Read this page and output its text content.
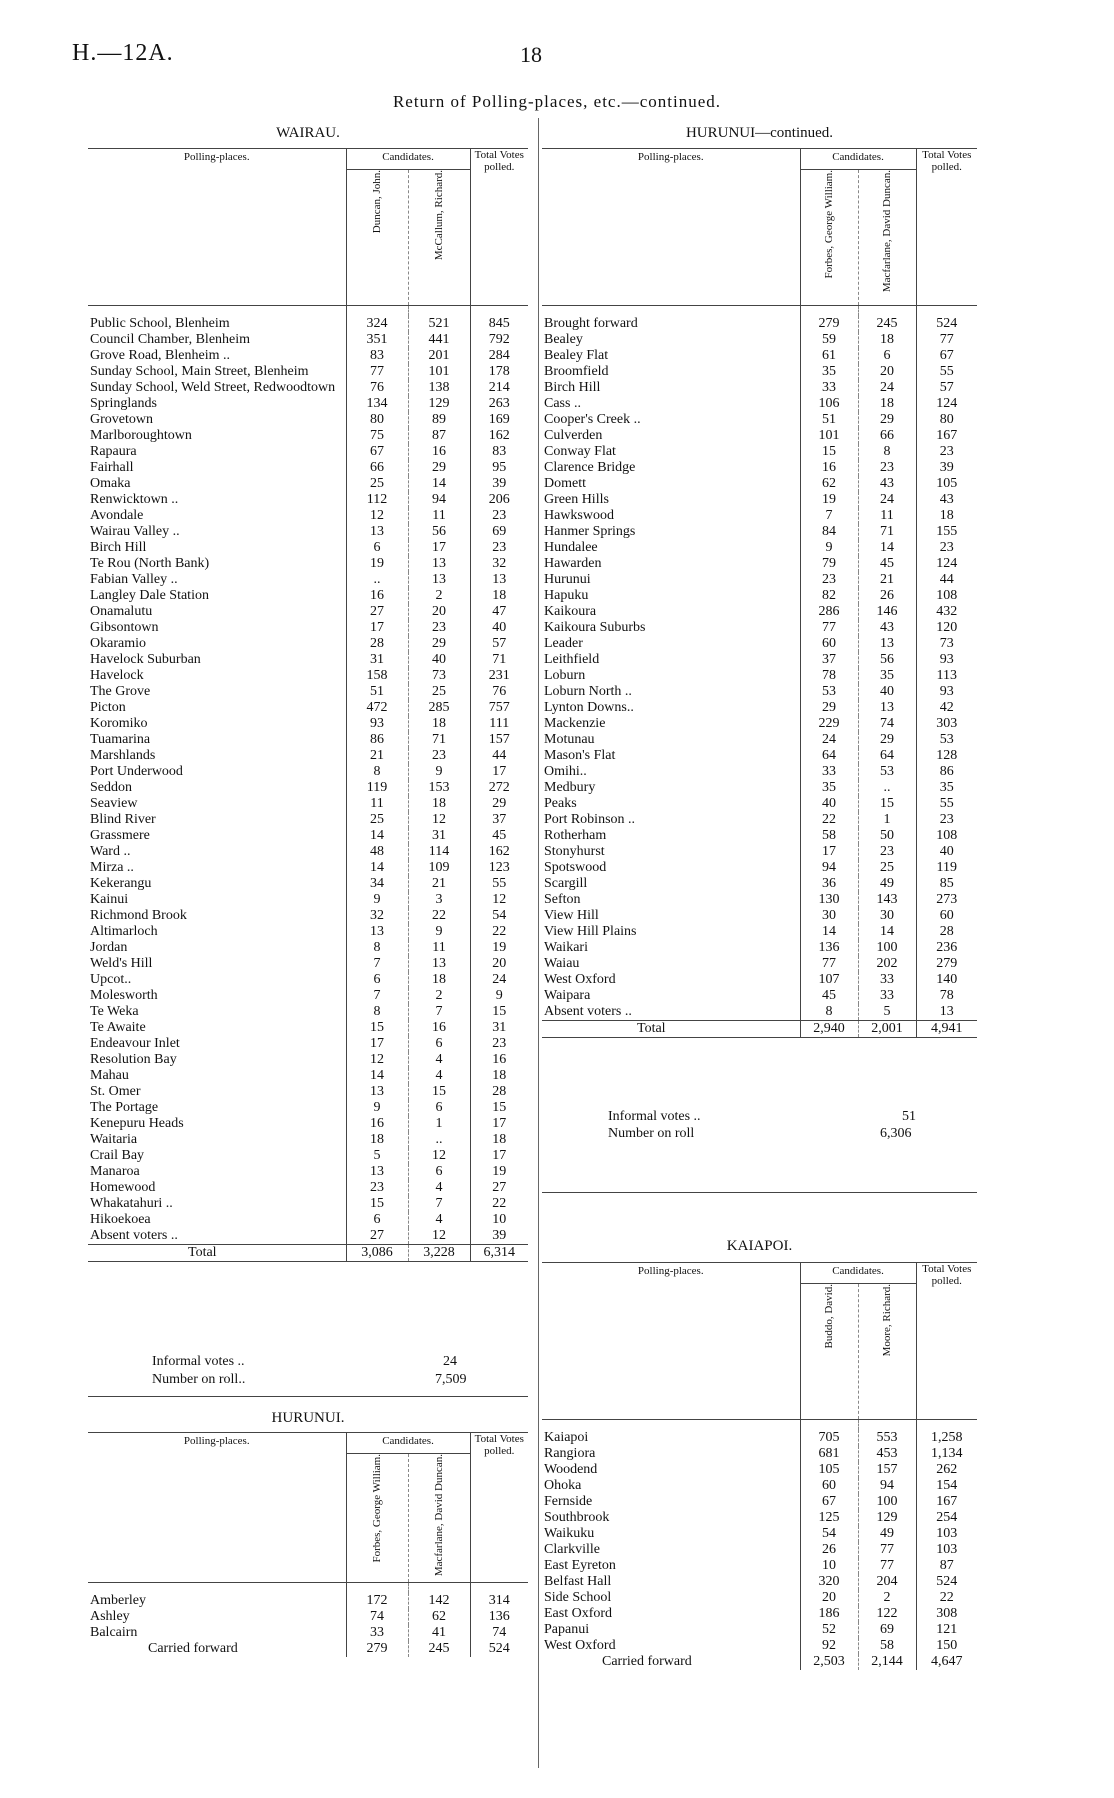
H.—12A.	18
Return of Polling-places, etc.—continued.
WAIRAU.
Polling-places.	Candidates.		Total Votes polled.
	Duncan, John.	McCallum, Richard.	

Public School, Blenheim	324	521	845
Council Chamber, Blenheim	351	441	792
Grove Road, Blenheim ..	83	201	284
Sunday School, Main Street, Blenheim	77	101	178
Sunday School, Weld Street, Redwoodtown	76	138	214
Springlands	134	129	263
Grovetown	80	89	169
Marlboroughtown	75	87	162
Rapaura	67	16	83
Fairhall	66	29	95
Omaka	25	14	39
Renwicktown ..	112	94	206
Avondale	12	11	23
Wairau Valley ..	13	56	69
Birch Hill	6	17	23
Te Rou (North Bank)	19	13	32
Fabian Valley ..	..	13	13
Langley Dale Station	16	2	18
Onamalutu	27	20	47
Gibsontown	17	23	40
Okaramio	28	29	57
Havelock Suburban	31	40	71
Havelock	158	73	231
The Grove	51	25	76
Picton	472	285	757
Koromiko	93	18	111
Tuamarina	86	71	157
Marshlands	21	23	44
Port Underwood	8	9	17
Seddon	119	153	272
Seaview	11	18	29
Blind River	25	12	37
Grassmere	14	31	45
Ward ..	48	114	162
Mirza ..	14	109	123
Kekerangu	34	21	55
Kainui	9	3	12
Richmond Brook	32	22	54
Altimarloch	13	9	22
Jordan	8	11	19
Weld's Hill	7	13	20
Upcot..	6	18	24
Molesworth	7	2	9
Te Weka	8	7	15
Te Awaite	15	16	31
Endeavour Inlet	17	6	23
Resolution Bay	12	4	16
Mahau	14	4	18
St. Omer	13	15	28
The Portage	9	6	15
Kenepuru Heads	16	1	17
Waitaria	18	..	18
Crail Bay	5	12	17
Manaroa	13	6	19
Homewood	23	4	27
Whakatahuri ..	15	7	22
Hikoekoea	6	4	10
Absent voters ..	27	12	39
Total	3,086	3,228	6,314
Informal votes ..	24
Number on roll..	7,509
HURUNUI.
Polling-places.	Candidates.		Total Votes polled.
	Forbes, George William.	Macfarlane, David Duncan.	

Amberley	172	142	314
Ashley	74	62	136
Balcairn	33	41	74
Carried forward	279	245	524
HURUNUI—continued.
Polling-places.	Candidates.		Total Votes polled.
	Forbes, George William.	Macfarlane, David Duncan.	

Brought forward	279	245	524
Bealey	59	18	77
Bealey Flat	61	6	67
Broomfield	35	20	55
Birch Hill	33	24	57
Cass ..	106	18	124
Cooper's Creek ..	51	29	80
Culverden	101	66	167
Conway Flat	15	8	23
Clarence Bridge	16	23	39
Domett	62	43	105
Green Hills	19	24	43
Hawkswood	7	11	18
Hanmer Springs	84	71	155
Hundalee	9	14	23
Hawarden	79	45	124
Hurunui	23	21	44
Hapuku	82	26	108
Kaikoura	286	146	432
Kaikoura Suburbs	77	43	120
Leader	60	13	73
Leithfield	37	56	93
Loburn	78	35	113
Loburn North ..	53	40	93
Lynton Downs..	29	13	42
Mackenzie	229	74	303
Motunau	24	29	53
Mason's Flat	64	64	128
Omihi..	33	53	86
Medbury	35	..	35
Peaks	40	15	55
Port Robinson ..	22	1	23
Rotherham	58	50	108
Stonyhurst	17	23	40
Spotswood	94	25	119
Scargill	36	49	85
Sefton	130	143	273
View Hill	30	30	60
View Hill Plains	14	14	28
Waikari	136	100	236
Waiau	77	202	279
West Oxford	107	33	140
Waipara	45	33	78
Absent voters ..	8	5	13
Total	2,940	2,001	4,941
Informal votes ..	51
Number on roll	6,306
KAIAPOI.
Polling-places.	Candidates.		Total Votes polled.
	Buddo, David.	Moore, Richard.	

Kaiapoi	705	553	1,258
Rangiora	681	453	1,134
Woodend	105	157	262
Ohoka	60	94	154
Fernside	67	100	167
Southbrook	125	129	254
Waikuku	54	49	103
Clarkville	26	77	103
East Eyreton	10	77	87
Belfast Hall	320	204	524
Side School	20	2	22
East Oxford	186	122	308
Papanui	52	69	121
West Oxford	92	58	150
Carried forward	2,503	2,144	4,647
